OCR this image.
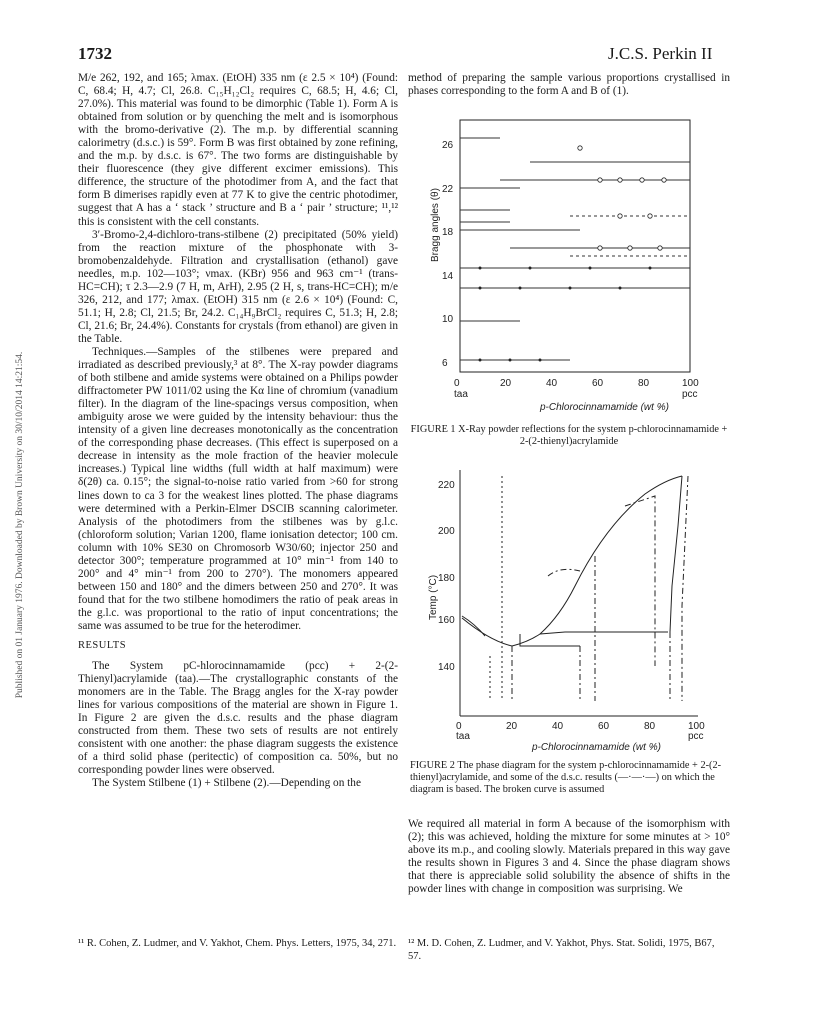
1732	J.C.S. Perkin II
Published on 01 January 1976. Downloaded by Brown University on 30/10/2014 14:21:54.

M/e 262, 192, and 165; λmax. (EtOH) 335 nm (ε 2.5 × 10⁴) (Found: C, 68.4; H, 4.7; Cl, 26.8. C₁₅H₁₂Cl₂ requires C, 68.5; H, 4.6; Cl, 27.0%). This material was found to be dimorphic (Table 1). Form A is obtained from solution or by quenching the melt and is isomorphous with the bromo-derivative (2). The m.p. by differential scanning calorimetry (d.s.c.) is 59°. Form B was first obtained by zone refining, and the m.p. by d.s.c. is 67°. The two forms are distinguishable by their fluorescence (they give different excimer emissions). This difference, the structure of the photodimer from A, and the fact that form B dimerises rapidly even at 77 K to give the centric photodimer, suggest that A has a ‘ stack ’ structure and B a ‘ pair ’ structure; ¹¹,¹² this is consistent with the cell constants.

3′-Bromo-2,4-dichloro-trans-stilbene (2) precipitated (50% yield) from the reaction mixture of the phosphonate with 3-bromobenzaldehyde. Filtration and crystallisation (ethanol) gave needles, m.p. 102—103°; νmax. (KBr) 956 and 963 cm⁻¹ (trans-HC=CH); τ 2.3—2.9 (7 H, m, ArH), 2.95 (2 H, s, trans-HC=CH); m/e 326, 212, and 177; λmax. (EtOH) 315 nm (ε 2.6 × 10⁴) (Found: C, 51.1; H, 2.8; Cl, 21.5; Br, 24.2. C₁₄H₉BrCl₂ requires C, 51.3; H, 2.8; Cl, 21.6; Br, 24.4%). Constants for crystals (from ethanol) are given in the Table.

Techniques.—Samples of the stilbenes were prepared and irradiated as described previously,³ at 8°. The X-ray powder diagrams of both stilbene and amide systems were obtained on a Philips powder diffractometer PW 1011/02 using the Kα line of chromium (vanadium filter). In the diagram of the line-spacings versus composition, when ambiguity arose we were guided by the intensity behaviour: thus the intensity of a given line decreases monotonically as the concentration of the corresponding phase decreases. (This effect is superposed on a decrease in intensity as the mole fraction of the heavier molecule increases.) Typical line widths (full width at half maximum) were δ(2θ) ca. 0.15°; the signal-to-noise ratio varied from >60 for strong lines down to ca 3 for the weakest lines plotted. The phase diagrams were determined with a Perkin-Elmer DSCIB scanning calorimeter. Analysis of the photodimers from the stilbenes was by g.l.c. (chloroform solution; Varian 1200, flame ionisation detector; 100 cm. column with 10% SE30 on Chromosorb W30/60; injector 250 and detector 300°; temperature programmed at 10° min⁻¹ from 140 to 200° and 4° min⁻¹ from 200 to 270°). The monomers appeared between 150 and 180° and the dimers between 250 and 270°. It was found that for the two stilbene homodimers the ratio of peak areas in the g.l.c. was proportional to the ratio of input concentrations; the same was assumed to be true for the heterodimer.

RESULTS

The System pC-hlorocinnamamide (pcc) + 2-(2-Thienyl)acrylamide (taa).—The crystallographic constants of the monomers are in the Table. The Bragg angles for the X-ray powder lines for various compositions of the material are shown in Figure 1. In Figure 2 are given the d.s.c. results and the phase diagram constructed from them. These two sets of results are not entirely consistent with one another: the phase diagram suggests the existence of a third solid phase (peritectic) of composition ca. 50%, but no corresponding powder lines were observed.

The System Stilbene (1) + Stilbene (2).—Depending on the

¹¹ R. Cohen, Z. Ludmer, and V. Yakhot, Chem. Phys. Letters, 1975, 34, 271.
method of preparing the sample various proportions crystallised in phases corresponding to the form A and B of (1).
Bragg angles (θ)
6
10
14
18
22
26
0	20	40	60	80	100
taa	pcc
p-Chlorocinnamamide (wt %)
FIGURE 1 X-Ray powder reflections for the system p-chlorocinnamamide + 2-(2-thienyl)acrylamide
Temp (°C)
140
160
180
200
220
0	20	40	60	80	100
taa	pcc
p-Chlorocinnamamide (wt %)
FIGURE 2 The phase diagram for the system p-chlorocinnamamide + 2-(2-thienyl)acrylamide, and some of the d.s.c. results (—·—·—) on which the diagram is based. The broken curve is assumed
We required all material in form A because of the isomorphism with (2); this was achieved, holding the mixture for some minutes at > 10° above its m.p., and cooling slowly. Materials prepared in this way gave the results shown in Figures 3 and 4. Since the phase diagram shows that there is appreciable solid solubility the absence of shifts in the powder lines with change in composition was surprising. We
¹² M. D. Cohen, Z. Ludmer, and V. Yakhot, Phys. Stat. Solidi, 1975, B67, 57.
